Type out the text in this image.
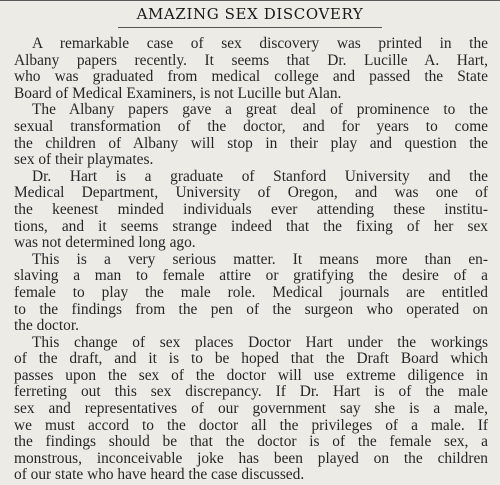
AMAZING SEX DISCOVERY
A remarkable case of sex discovery was printed in the
Albany papers recently. It seems that Dr. Lucille A. Hart,
who was graduated from medical college and passed the State
Board of Medical Examiners, is not Lucille but Alan.
The Albany papers gave a great deal of prominence to the
sexual transformation of the doctor, and for years to come
the children of Albany will stop in their play and question the
sex of their playmates.
Dr. Hart is a graduate of Stanford University and the
Medical Department, University of Oregon, and was one of
the keenest minded individuals ever attending these institu-
tions, and it seems strange indeed that the fixing of her sex
was not determined long ago.
This is a very serious matter. It means more than en-
slaving a man to female attire or gratifying the desire of a
female to play the male role. Medical journals are entitled
to the findings from the pen of the surgeon who operated on
the doctor.
This change of sex places Doctor Hart under the workings
of the draft, and it is to be hoped that the Draft Board which
passes upon the sex of the doctor will use extreme diligence in
ferreting out this sex discrepancy. If Dr. Hart is of the male
sex and representatives of our government say she is a male,
we must accord to the doctor all the privileges of a male. If
the findings should be that the doctor is of the female sex, a
monstrous, inconceivable joke has been played on the children
of our state who have heard the case discussed.
